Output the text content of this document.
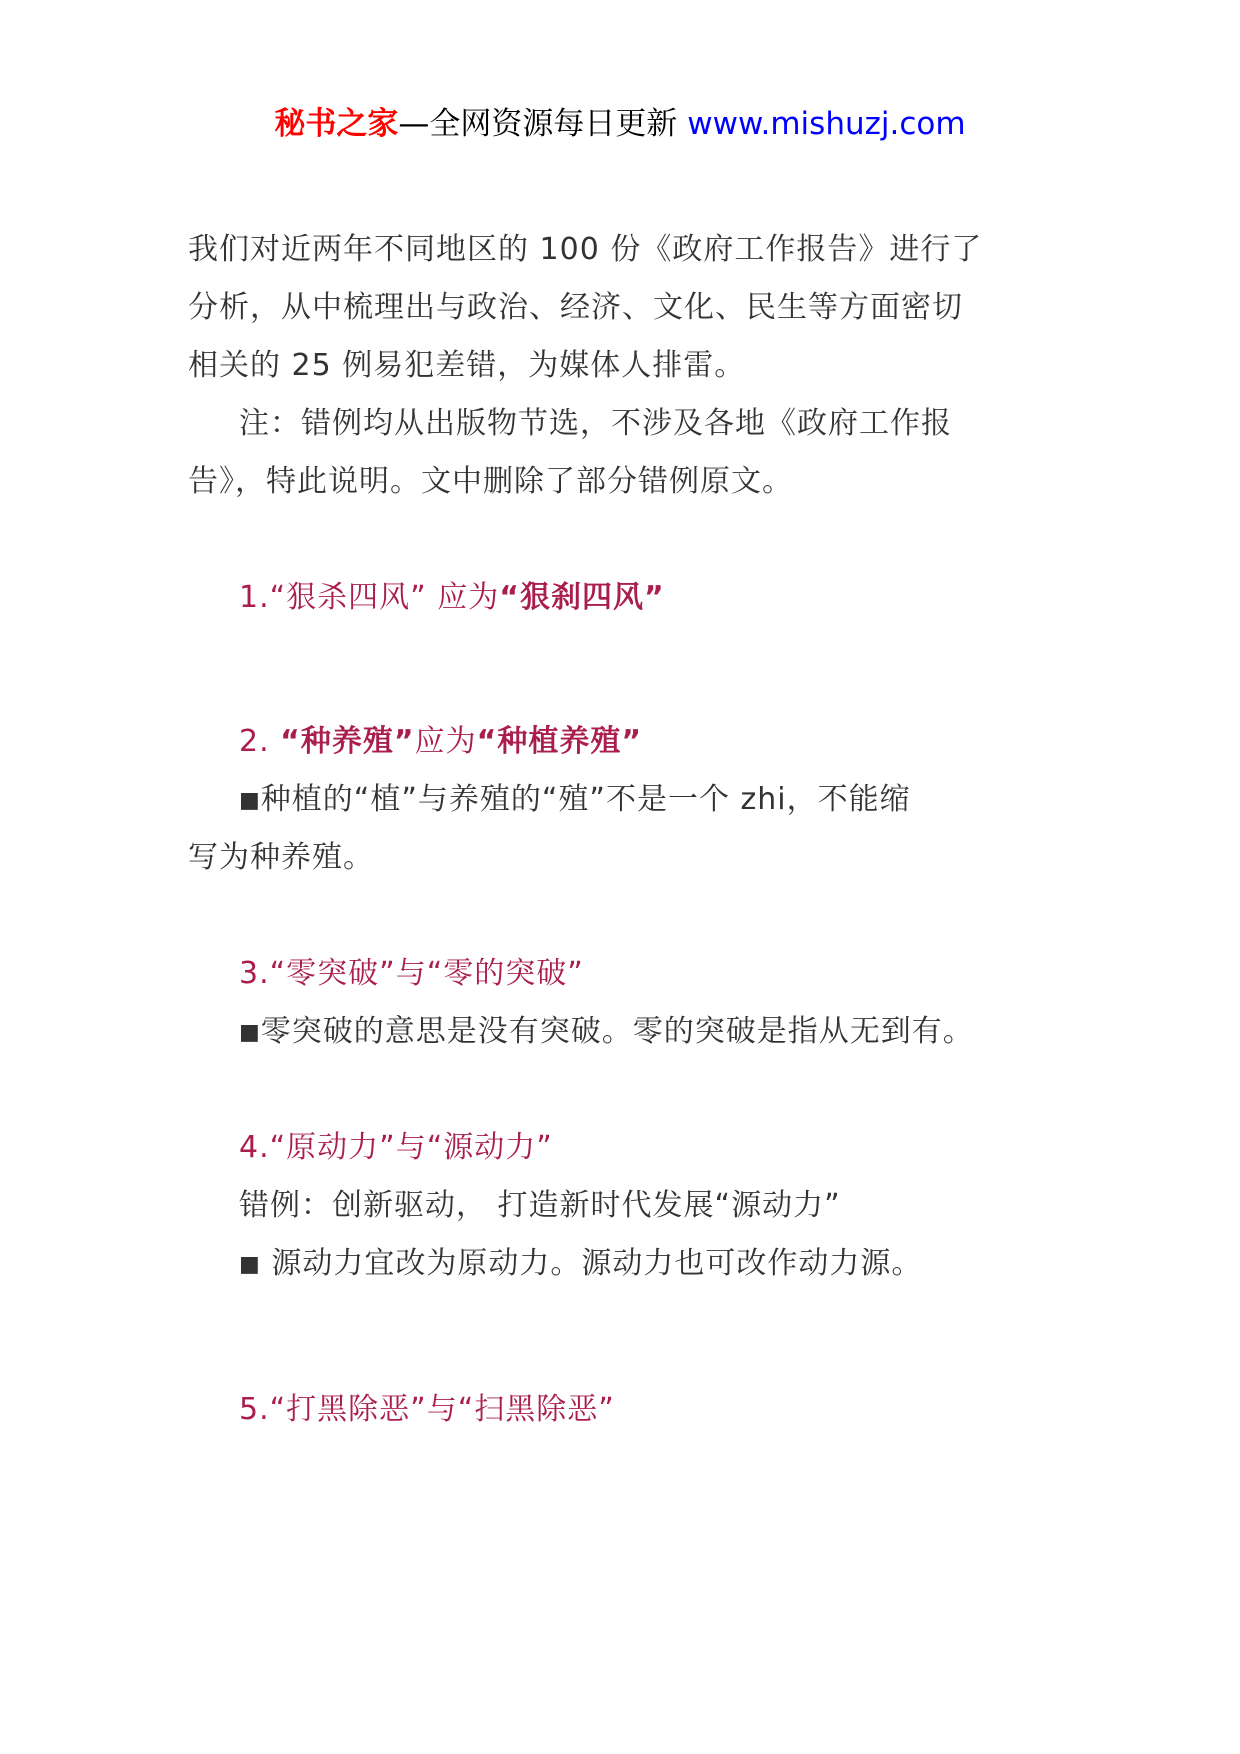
秘书之家—全网资源每日更新 www.mishuzj.com
我们对近两年不同地区的 100 份《政府工作报告》进行了
分析，从中梳理出与政治、经济、文化、民生等方面密切
相关的 25 例易犯差错，为媒体人排雷。
注：错例均从出版物节选，不涉及各地《政府工作报
告》，特此说明。文中删除了部分错例原文。
1.“狠杀四风” 应为“狠刹四风”
2. “种养殖”应为“种植养殖”
■种植的“植”与养殖的“殖”不是一个 zhi，不能缩
写为种养殖。
3.“零突破”与“零的突破”
■零突破的意思是没有突破。零的突破是指从无到有。
4.“原动力”与“源动力”
错例：创新驱动， 打造新时代发展“源动力”
■ 源动力宜改为原动力。源动力也可改作动力源。
5.“打黑除恶”与“扫黑除恶”
